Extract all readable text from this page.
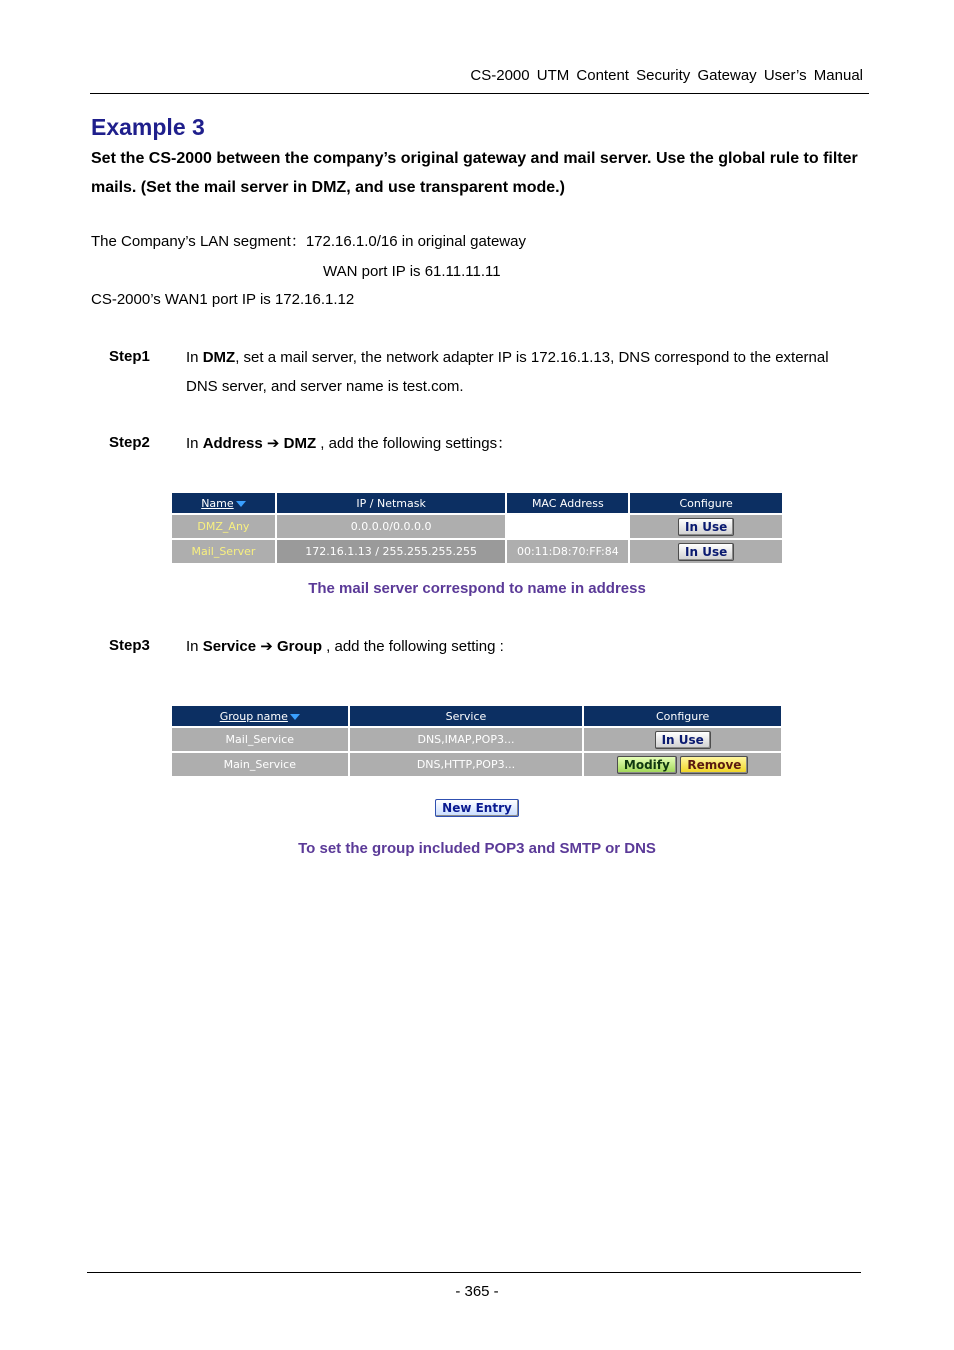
CS-2000 UTM Content Security Gateway User’s Manual
Example 3
Set the CS-2000 between the company’s original gateway and mail server. Use the global rule to filter mails. (Set the mail server in DMZ, and use transparent mode.)
The Company’s LAN segment：172.16.1.0/16 in original gateway
WAN port IP is 61.11.11.11
CS-2000’s WAN1 port IP is 172.16.1.12
Step1 In DMZ, set a mail server, the network adapter IP is 172.16.1.13, DNS correspond to the external DNS server, and server name is test.com.
Step2 In Address ➔ DMZ , add the following settings：
Name	IP / Netmask	MAC Address	Configure
DMZ_Any	0.0.0.0/0.0.0.0		In Use
Mail_Server	172.16.1.13 / 255.255.255.255	00:11:D8:70:FF:84	In Use
The mail server correspond to name in address
Step3 In Service ➔ Group , add the following setting :
Group name	Service	Configure
Mail_Service	DNS,IMAP,POP3...	In Use
Main_Service	DNS,HTTP,POP3...	Modify Remove
New Entry
To set the group included POP3 and SMTP or DNS
- 365 -
